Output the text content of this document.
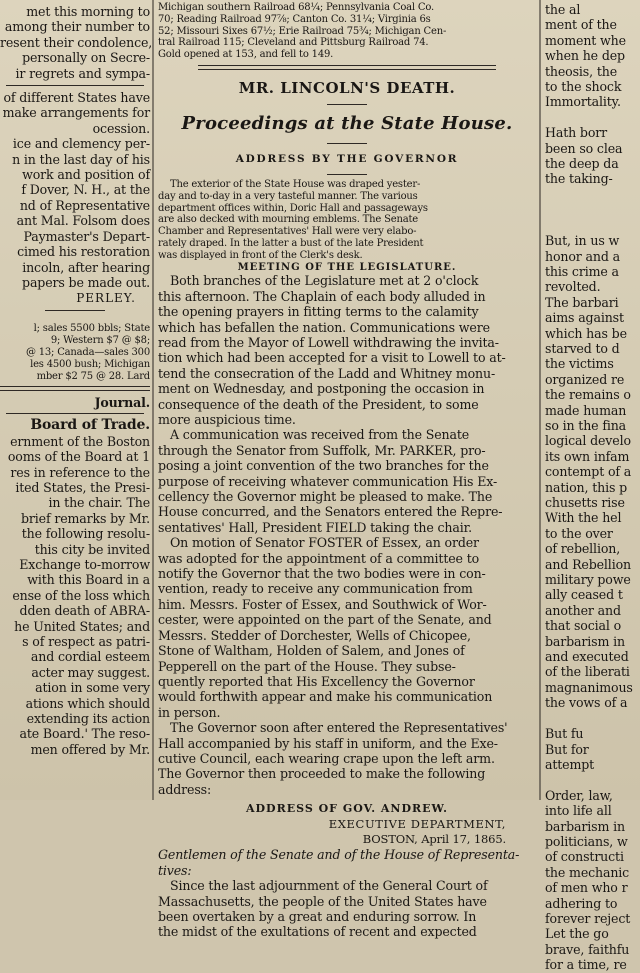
met this morning to
among their number to
resent their condolence,
personally on Secre-
ir regrets and sympa-
of different States have
make arrangements for
ocession.
ice and clemency per-
n in the last day of his
work and position of
f Dover, N. H., at the
nd of Representative
ant Mal. Folsom does
Paymaster's Depart-
cimed his restoration
incoln, after hearing
papers be made out.
PERLEY.
l; sales 5500 bbls; State
9; Western $7 @ $8;
@ 13; Canada—sales 300
les 4500 bush; Michigan
mber $2 75 @ 28. Lard
Journal.
Board of Trade.
ernment of the Boston
ooms of the Board at 1
res in reference to the
ited States, the Presi-
in the chair. The
brief remarks by Mr.
the following resolu-
this city be invited
Exchange to-morrow
with this Board in a
ense of the loss which
dden death of ABRA-
he United States; and
s of respect as patri-
and cordial esteem
acter may suggest.
ation in some very
ations which should
extending its action
ate Board.' The reso-
men offered by Mr.
Michigan southern Railroad 68¼; Pennsylvania Coal Co.
70; Reading Railroad 97⅞; Canton Co. 31¼; Virginia 6s
52; Missouri Sixes 67½; Erie Railroad 75¾; Michigan Cen-
tral Railroad 115; Cleveland and Pittsburg Railroad 74.
Gold opened at 153, and fell to 149.
MR. LINCOLN'S DEATH.
Proceedings at the State House.
ADDRESS BY THE GOVERNOR
The exterior of the State House was draped yester-
day and to-day in a very tasteful manner. The various
department offices within, Doric Hall and passageways
are also decked with mourning emblems. The Senate
Chamber and Representatives' Hall were very elabo-
rately draped. In the latter a bust of the late President
was displayed in front of the Clerk's desk.
MEETING OF THE LEGISLATURE.
Both branches of the Legislature met at 2 o'clock
this afternoon. The Chaplain of each body alluded in
the opening prayers in fitting terms to the calamity
which has befallen the nation. Communications were
read from the Mayor of Lowell withdrawing the invita-
tion which had been accepted for a visit to Lowell to at-
tend the consecration of the Ladd and Whitney monu-
ment on Wednesday, and postponing the occasion in
consequence of the death of the President, to some
more auspicious time.
A communication was received from the Senate
through the Senator from Suffolk, Mr. PARKER, pro-
posing a joint convention of the two branches for the
purpose of receiving whatever communication His Ex-
cellency the Governor might be pleased to make. The
House concurred, and the Senators entered the Repre-
sentatives' Hall, President FIELD taking the chair.
On motion of Senator FOSTER of Essex, an order
was adopted for the appointment of a committee to
notify the Governor that the two bodies were in con-
vention, ready to receive any communication from
him. Messrs. Foster of Essex, and Southwick of Wor-
cester, were appointed on the part of the Senate, and
Messrs. Stedder of Dorchester, Wells of Chicopee,
Stone of Waltham, Holden of Salem, and Jones of
Pepperell on the part of the House. They subse-
quently reported that His Excellency the Governor
would forthwith appear and make his communication
in person.
The Governor soon after entered the Representatives'
Hall accompanied by his staff in uniform, and the Exe-
cutive Council, each wearing crape upon the left arm.
The Governor then proceeded to make the following
address:
ADDRESS OF GOV. ANDREW.
EXECUTIVE DEPARTMENT,
BOSTON, April 17, 1865.
Gentlemen of the Senate and of the House of Representa-
tives:
Since the last adjournment of the General Court of
Massachusetts, the people of the United States have
been overtaken by a great and enduring sorrow. In
the midst of the exultations of recent and expected
the al
ment of the
moment whe
when he dep
theosis, the
to the shock
Immortality.

Hath borr
been so clea
the deep da
the taking-

But, in us w
honor and a
this crime a
revolted.
The barbari
aims against
which has be
starved to d
the victims
organized re
the remains o
made human
so in the fina
logical develo
its own infam
contempt of a
nation, this p
chusetts rise
With the hel
to the over
of rebellion,
and Rebellion
military powe
ally ceased t
another and
that social o
barbarism in
and executed
of the liberati
magnanimous
the vows of a

But fu
But for
attempt

Order, law,
into life all
barbarism in
politicians, w
of constructi
the mechanic
of men who r
adhering to
forever reject
Let the go
brave, faithfu
for a time, re
